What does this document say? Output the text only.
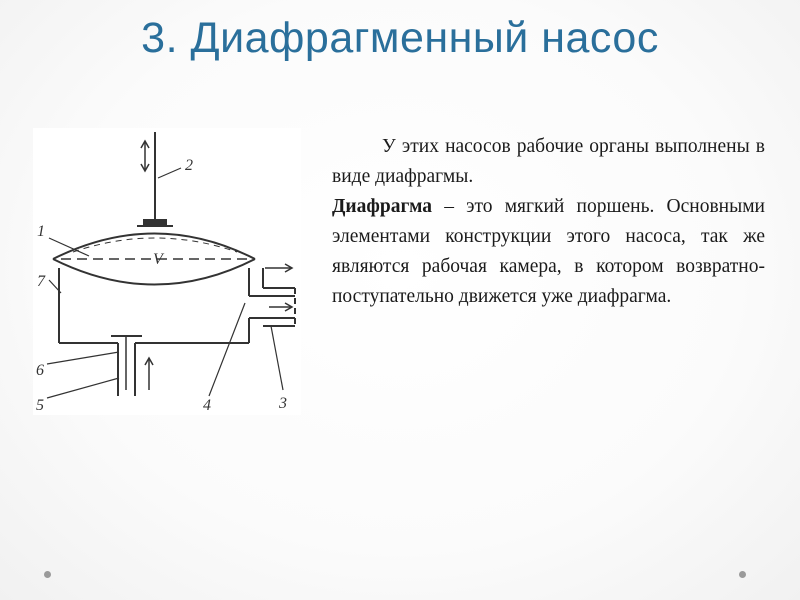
3. Диафрагменный насос
1
2
3
4
5
6
7
V

У этих насосов рабочие органы выполнены в виде диафрагмы.

Диафрагма – это мягкий поршень. Основными элементами конструкции этого насоса, так же являются рабочая камера, в котором возвратно-поступательно движется уже диафрагма.
